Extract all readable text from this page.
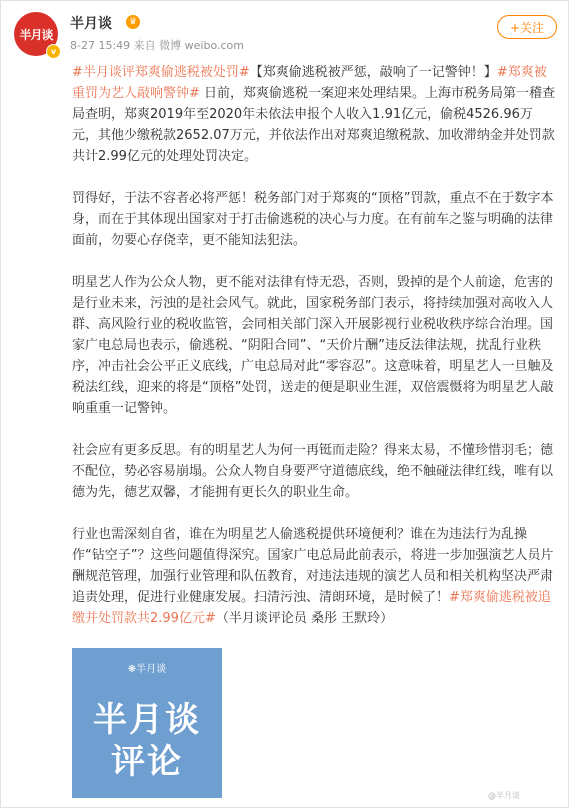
半月谈
v
半月谈	♛
8-27 15:49 来自 微博 weibo.com
+关注

#半月谈评郑爽偷逃税被处罚#【郑爽偷逃税被严惩，敲响了一记警钟！】#郑爽被重罚为艺人敲响警钟# 日前，郑爽偷逃税一案迎来处理结果。上海市税务局第一稽查局查明，郑爽2019年至2020年未依法申报个人收入1.91亿元，偷税4526.96万元，其他少缴税款2652.07万元，并依法作出对郑爽追缴税款、加收滞纳金并处罚款共计2.99亿元的处理处罚决定。

罚得好，于法不容者必将严惩！税务部门对于郑爽的“顶格”罚款，重点不在于数字本身，而在于其体现出国家对于打击偷逃税的决心与力度。在有前车之鉴与明确的法律面前，勿要心存侥幸，更不能知法犯法。

明星艺人作为公众人物，更不能对法律有恃无恐，否则，毁掉的是个人前途，危害的是行业未来，污浊的是社会风气。就此，国家税务部门表示，将持续加强对高收入人群、高风险行业的税收监管，会同相关部门深入开展影视行业税收秩序综合治理。国家广电总局也表示，偷逃税、“阴阳合同”、“天价片酬”违反法律法规，扰乱行业秩序，冲击社会公平正义底线，广电总局对此“零容忍”。这意味着，明星艺人一旦触及税法红线，迎来的将是“顶格”处罚，送走的便是职业生涯，双倍震慑将为明星艺人敲响重重一记警钟。

社会应有更多反思。有的明星艺人为何一再铤而走险？得来太易，不懂珍惜羽毛；德不配位，势必容易崩塌。公众人物自身要严守道德底线，绝不触碰法律红线，唯有以德为先，德艺双馨，才能拥有更长久的职业生命。

行业也需深刻自省，谁在为明星艺人偷逃税提供环境便利？谁在为违法行为乱操作“钻空子”？这些问题值得深究。国家广电总局此前表示，将进一步加强演艺人员片酬规范管理，加强行业管理和队伍教育，对违法违规的演艺人员和相关机构坚决严肃追责处理，促进行业健康发展。扫清污浊、清朗环境，是时候了！#郑爽偷逃税被追缴并处罚款共2.99亿元#（半月谈评论员 桑彤 王默玲）

❋半月谈
半月谈
评论
@半月谈
